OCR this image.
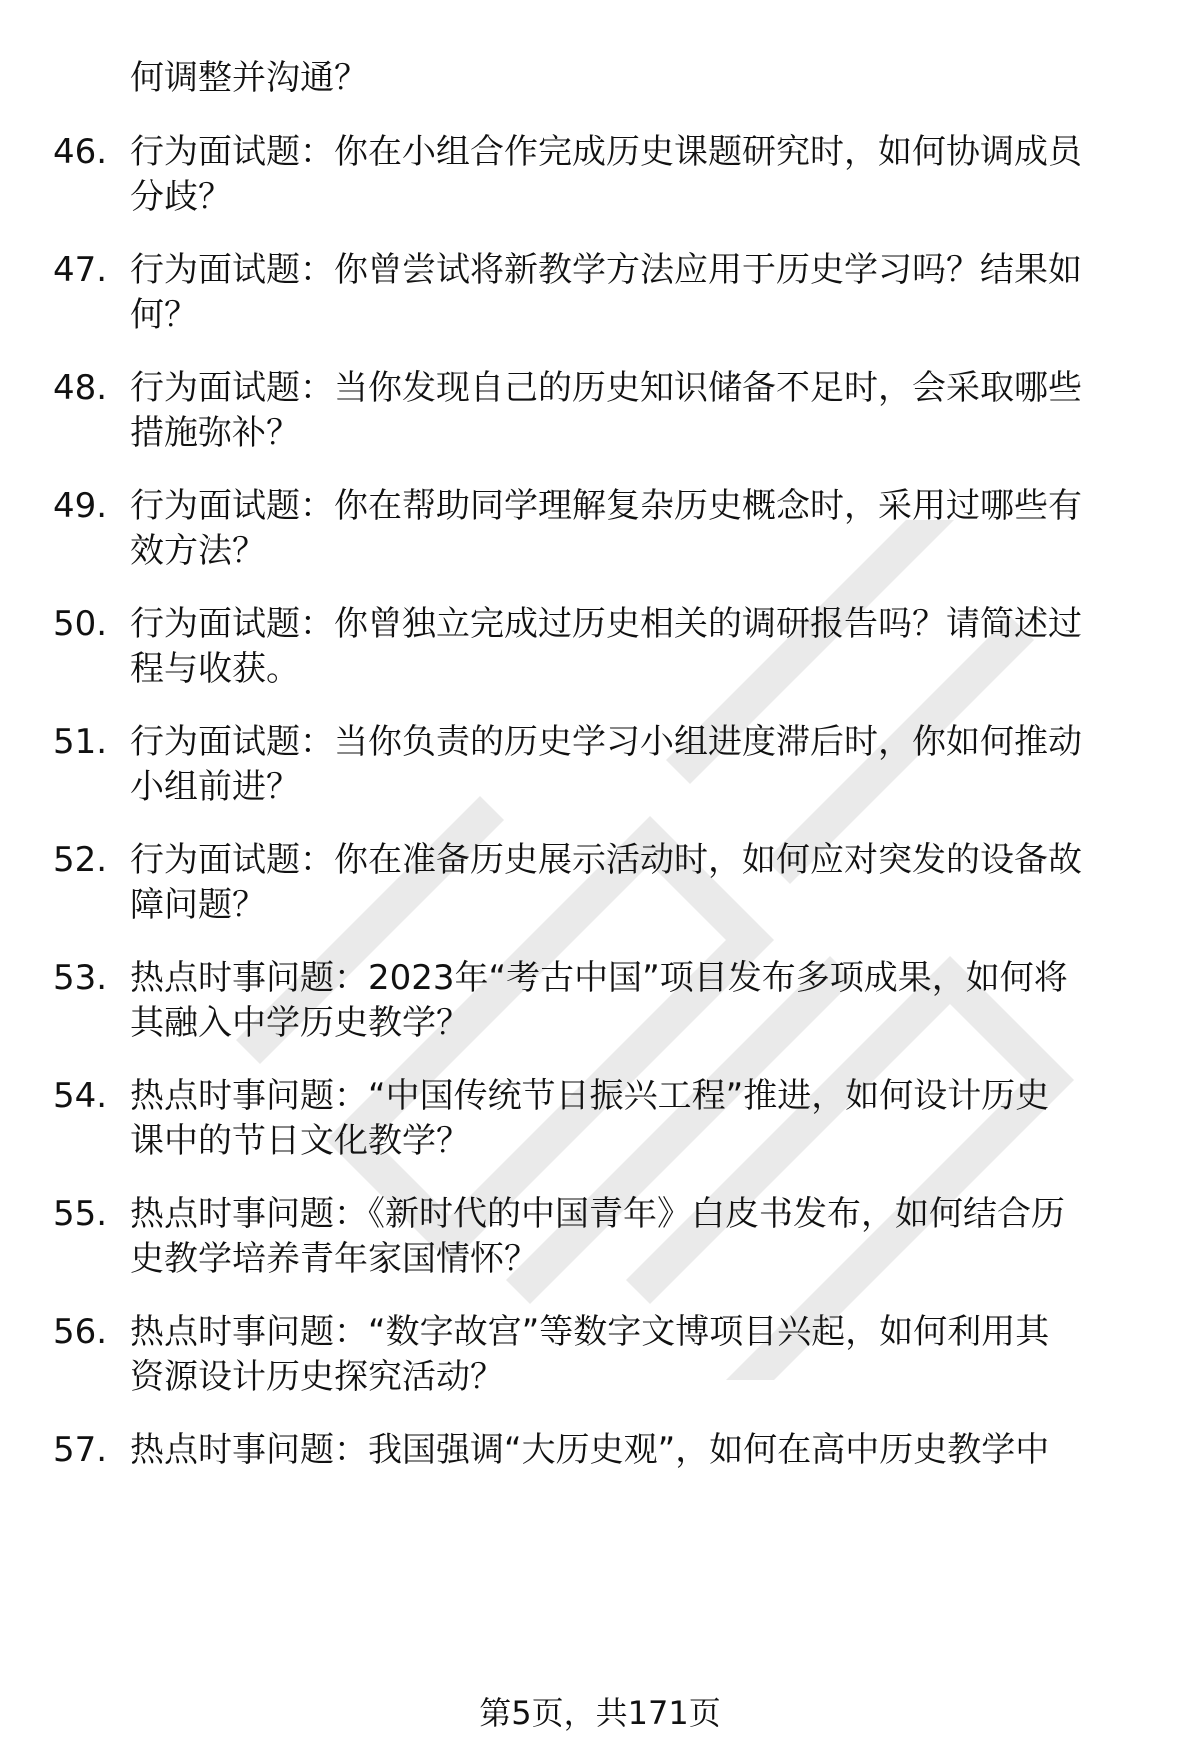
何调整并沟通？
46. 行为面试题：你在小组合作完成历史课题研究时，如何协调成员
分歧？
47. 行为面试题：你曾尝试将新教学方法应用于历史学习吗？结果如
何？
48. 行为面试题：当你发现自己的历史知识储备不足时，会采取哪些
措施弥补？
49. 行为面试题：你在帮助同学理解复杂历史概念时，采用过哪些有
效方法？
50. 行为面试题：你曾独立完成过历史相关的调研报告吗？请简述过
程与收获。
51. 行为面试题：当你负责的历史学习小组进度滞后时，你如何推动
小组前进？
52. 行为面试题：你在准备历史展示活动时，如何应对突发的设备故
障问题？
53. 热点时事问题：2023年“考古中国”项目发布多项成果，如何将
其融入中学历史教学？
54. 热点时事问题：“中国传统节日振兴工程”推进，如何设计历史
课中的节日文化教学？
55. 热点时事问题：《新时代的中国青年》白皮书发布，如何结合历
史教学培养青年家国情怀？
56. 热点时事问题：“数字故宫”等数字文博项目兴起，如何利用其
资源设计历史探究活动？
57. 热点时事问题：我国强调“大历史观”，如何在高中历史教学中
第5页，共171页
